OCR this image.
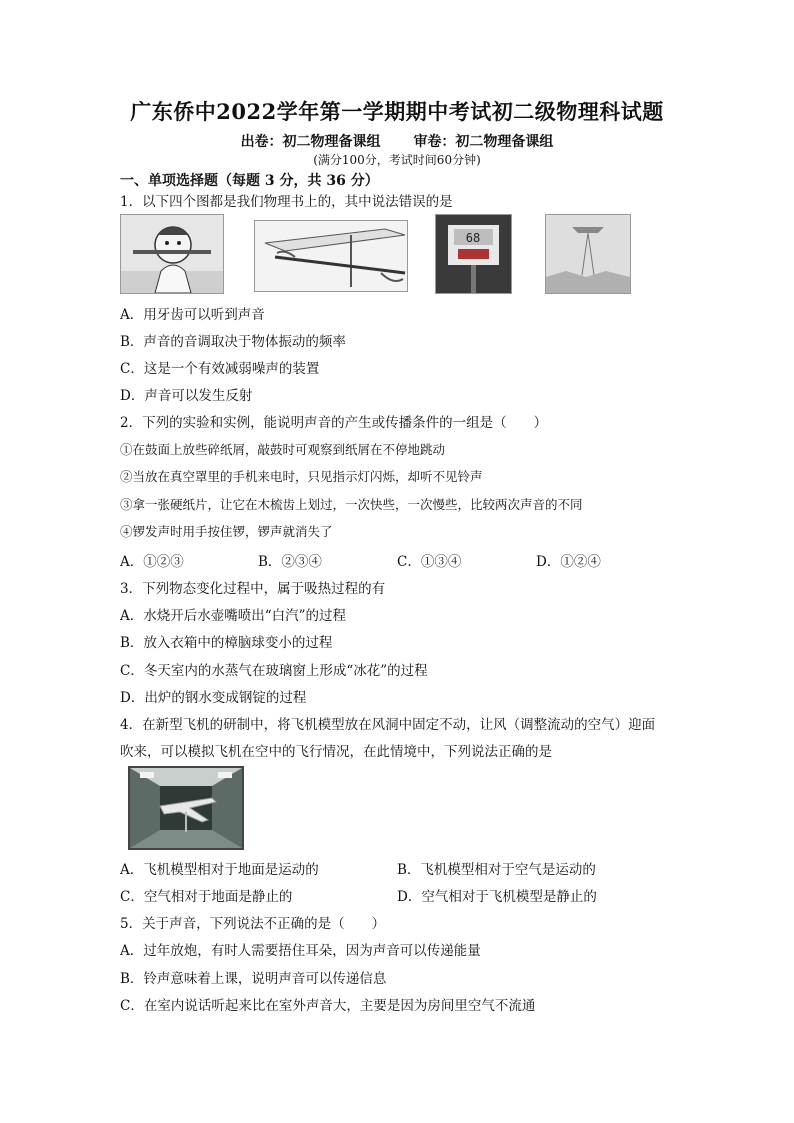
广东侨中2022学年第一学期期中考试初二级物理科试题
出卷：初二物理备课组 审卷：初二物理备课组
(满分100分，考试时间60分钟)
一、单项选择题（每题 3 分，共 36 分）
1．以下四个图都是我们物理书上的，其中说法错误的是
68
A．用牙齿可以听到声音
B．声音的音调取决于物体振动的频率
C．这是一个有效减弱噪声的装置
D．声音可以发生反射
2．下列的实验和实例，能说明声音的产生或传播条件的一组是（　　）
①在鼓面上放些碎纸屑，敲鼓时可观察到纸屑在不停地跳动
②当放在真空罩里的手机来电时，只见指示灯闪烁，却听不见铃声
③拿一张硬纸片，让它在木梳齿上划过，一次快些，一次慢些，比较两次声音的不同
④锣发声时用手按住锣，锣声就消失了
A．①②③	B．②③④	C．①③④	D．①②④
3．下列物态变化过程中，属于吸热过程的有
A．水烧开后水壶嘴喷出“白汽”的过程
B．放入衣箱中的樟脑球变小的过程
C．冬天室内的水蒸气在玻璃窗上形成“冰花”的过程
D．出炉的钢水变成钢锭的过程
4．在新型飞机的研制中，将飞机模型放在风洞中固定不动，让风（调整流动的空气）迎面
吹来，可以模拟飞机在空中的飞行情况，在此情境中，下列说法正确的是
A．飞机模型相对于地面是运动的	B．飞机模型相对于空气是运动的
C．空气相对于地面是静止的	D．空气相对于飞机模型是静止的
5．关于声音，下列说法不正确的是（　　）
A．过年放炮，有时人需要捂住耳朵，因为声音可以传递能量
B．铃声意味着上课，说明声音可以传递信息
C．在室内说话听起来比在室外声音大，主要是因为房间里空气不流通
